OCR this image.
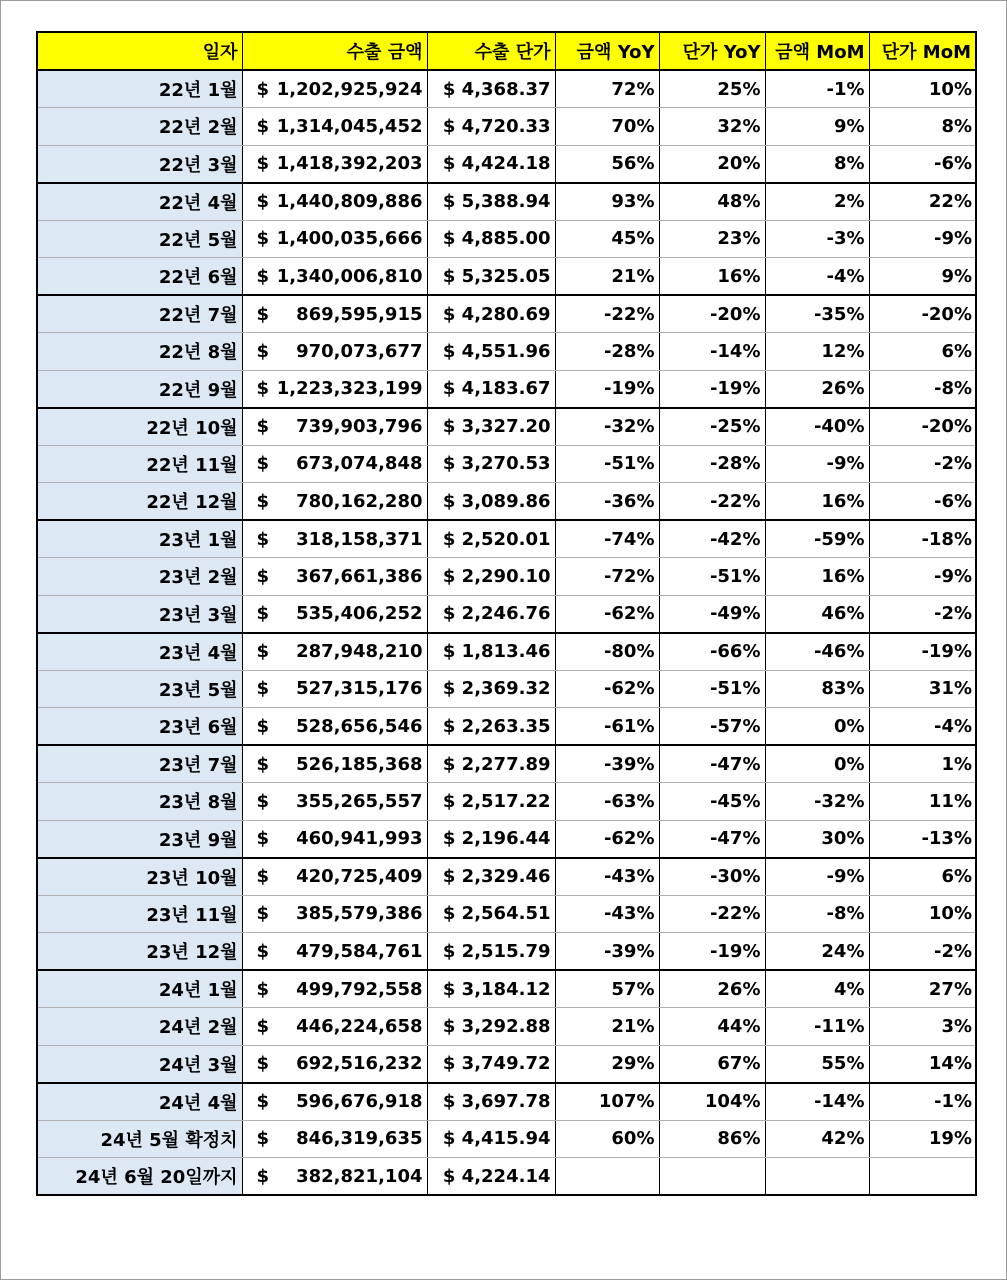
일자	수출 금액	수출 단가	금액 YoY	단가 YoY	금액 MoM	단가 MoM
22년 1월	$ 1,202,925,924	$ 4,368.37	72%	25%	-1%	10%
22년 2월	$ 1,314,045,452	$ 4,720.33	70%	32%	9%	8%
22년 3월	$ 1,418,392,203	$ 4,424.18	56%	20%	8%	-6%
22년 4월	$ 1,440,809,886	$ 5,388.94	93%	48%	2%	22%
22년 5월	$ 1,400,035,666	$ 4,885.00	45%	23%	-3%	-9%
22년 6월	$ 1,340,006,810	$ 5,325.05	21%	16%	-4%	9%
22년 7월	$ 869,595,915	$ 4,280.69	-22%	-20%	-35%	-20%
22년 8월	$ 970,073,677	$ 4,551.96	-28%	-14%	12%	6%
22년 9월	$ 1,223,323,199	$ 4,183.67	-19%	-19%	26%	-8%
22년 10월	$ 739,903,796	$ 3,327.20	-32%	-25%	-40%	-20%
22년 11월	$ 673,074,848	$ 3,270.53	-51%	-28%	-9%	-2%
22년 12월	$ 780,162,280	$ 3,089.86	-36%	-22%	16%	-6%
23년 1월	$ 318,158,371	$ 2,520.01	-74%	-42%	-59%	-18%
23년 2월	$ 367,661,386	$ 2,290.10	-72%	-51%	16%	-9%
23년 3월	$ 535,406,252	$ 2,246.76	-62%	-49%	46%	-2%
23년 4월	$ 287,948,210	$ 1,813.46	-80%	-66%	-46%	-19%
23년 5월	$ 527,315,176	$ 2,369.32	-62%	-51%	83%	31%
23년 6월	$ 528,656,546	$ 2,263.35	-61%	-57%	0%	-4%
23년 7월	$ 526,185,368	$ 2,277.89	-39%	-47%	0%	1%
23년 8월	$ 355,265,557	$ 2,517.22	-63%	-45%	-32%	11%
23년 9월	$ 460,941,993	$ 2,196.44	-62%	-47%	30%	-13%
23년 10월	$ 420,725,409	$ 2,329.46	-43%	-30%	-9%	6%
23년 11월	$ 385,579,386	$ 2,564.51	-43%	-22%	-8%	10%
23년 12월	$ 479,584,761	$ 2,515.79	-39%	-19%	24%	-2%
24년 1월	$ 499,792,558	$ 3,184.12	57%	26%	4%	27%
24년 2월	$ 446,224,658	$ 3,292.88	21%	44%	-11%	3%
24년 3월	$ 692,516,232	$ 3,749.72	29%	67%	55%	14%
24년 4월	$ 596,676,918	$ 3,697.78	107%	104%	-14%	-1%
24년 5월 확정치	$ 846,319,635	$ 4,415.94	60%	86%	42%	19%
24년 6월 20일까지	$ 382,821,104	$ 4,224.14				
